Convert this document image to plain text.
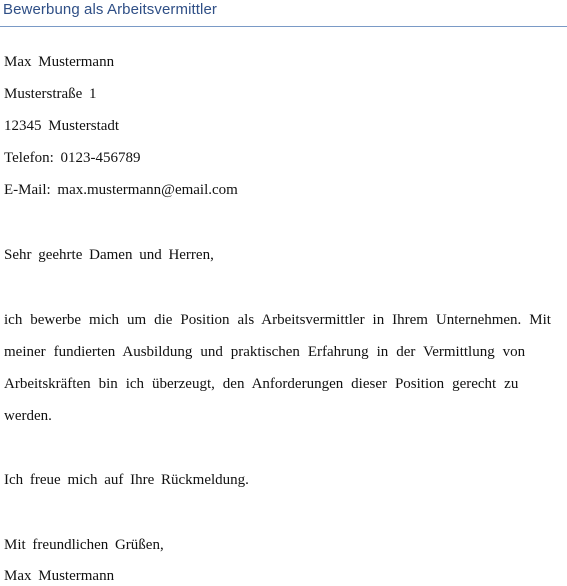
Bewerbung als Arbeitsvermittler

Max Mustermann

Musterstraße 1

12345 Musterstadt

Telefon: 0123-456789

E-Mail: max.mustermann@email.com

Sehr geehrte Damen und Herren,

ich bewerbe mich um die Position als Arbeitsvermittler in Ihrem Unternehmen. Mit

meiner fundierten Ausbildung und praktischen Erfahrung in der Vermittlung von

Arbeitskräften bin ich überzeugt, den Anforderungen dieser Position gerecht zu

werden.

Ich freue mich auf Ihre Rückmeldung.

Mit freundlichen Grüßen,

Max Mustermann
